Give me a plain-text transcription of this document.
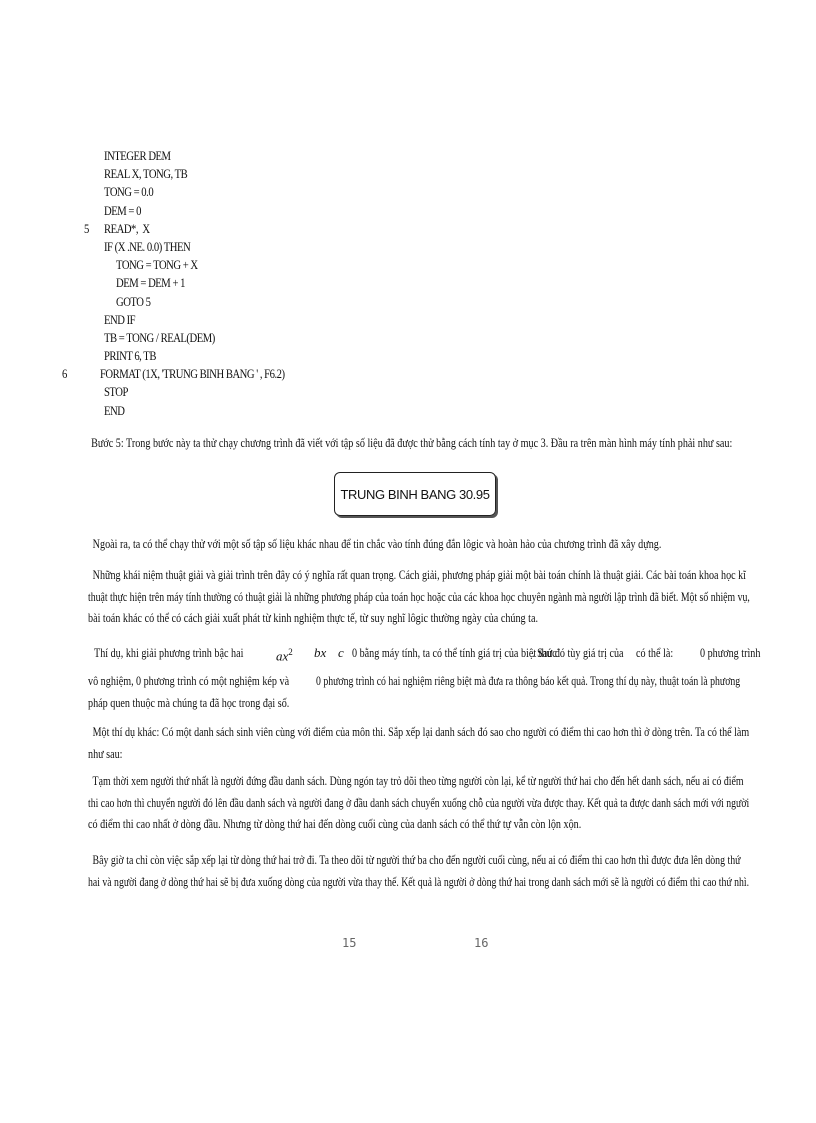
INTEGER DEM
REAL X, TONG, TB
TONG = 0.0
DEM = 0
5 READ*,  X
IF (X .NE. 0.0) THEN
TONG = TONG + X
DEM = DEM + 1
GOTO 5
END IF
TB = TONG / REAL(DEM)
PRINT 6, TB
6	FORMAT (1X, 'TRUNG BINH BANG ' , F6.2)
STOP
END
Bước 5: Trong bước này ta thử chạy chương trình đã viết với tập số liệu đã được thử bằng cách tính tay ở mục 3. Đầu ra trên màn hình máy tính phải như sau:
TRUNG BINH BANG 30.95
Ngoài ra, ta có thể chạy thử với một số tập số liệu khác nhau để tin chắc vào tính đúng đắn lôgic và hoàn hảo của chương trình đã xây dựng.
Những khái niệm thuật giải và giải trình trên đây có ý nghĩa rất quan trọng. Cách giải, phương pháp giải một bài toán chính là thuật giải. Các bài toán khoa học kĩ
thuật thực hiện trên máy tính thường có thuật giải là những phương pháp của toán học hoặc của các khoa học chuyên ngành mà người lập trình đã biết. Một số nhiệm vụ,
bài toán khác có thể có cách giải xuất phát từ kinh nghiệm thực tế, từ suy nghĩ lôgic thường ngày của chúng ta.
Thí dụ, khi giải phương trình bậc hai	$ax^2$ bx c 0 bằng máy tính, ta có thể tính giá trị của biệt thức
. Sau đó tùy giá trị của có thể là: 0 phương trình
vô nghiệm, 0 phương trình có một nghiệm kép và 0 phương trình có hai nghiệm riêng biệt mà đưa ra thông báo kết quả. Trong thí dụ này, thuật toán là phương
pháp quen thuộc mà chúng ta đã học trong đại số.
Một thí dụ khác: Có một danh sách sinh viên cùng với điểm của môn thi. Sắp xếp lại danh sách đó sao cho người có điểm thi cao hơn thì ở dòng trên. Ta có thể làm
như sau:
Tạm thời xem người thứ nhất là người đứng đầu danh sách. Dùng ngón tay trỏ dõi theo từng người còn lại, kể từ người thứ hai cho đến hết danh sách, nếu ai có điểm
thi cao hơn thì chuyển người đó lên đầu danh sách và người đang ở đầu danh sách chuyển xuống chỗ của người vừa được thay. Kết quả ta được danh sách mới với người
có điểm thi cao nhất ở dòng đầu. Nhưng từ dòng thứ hai đến dòng cuối cùng của danh sách có thể thứ tự vẫn còn lộn xộn.
Bây giờ ta chỉ còn việc sắp xếp lại từ dòng thứ hai trở đi. Ta theo dõi từ người thứ ba cho đến người cuối cùng, nếu ai có điểm thi cao hơn thì được đưa lên dòng thứ
hai và người đang ở dòng thứ hai sẽ bị đưa xuống dòng của người vừa thay thế. Kết quả là người ở dòng thứ hai trong danh sách mới sẽ là người có điểm thi cao thứ nhì.
15	16
